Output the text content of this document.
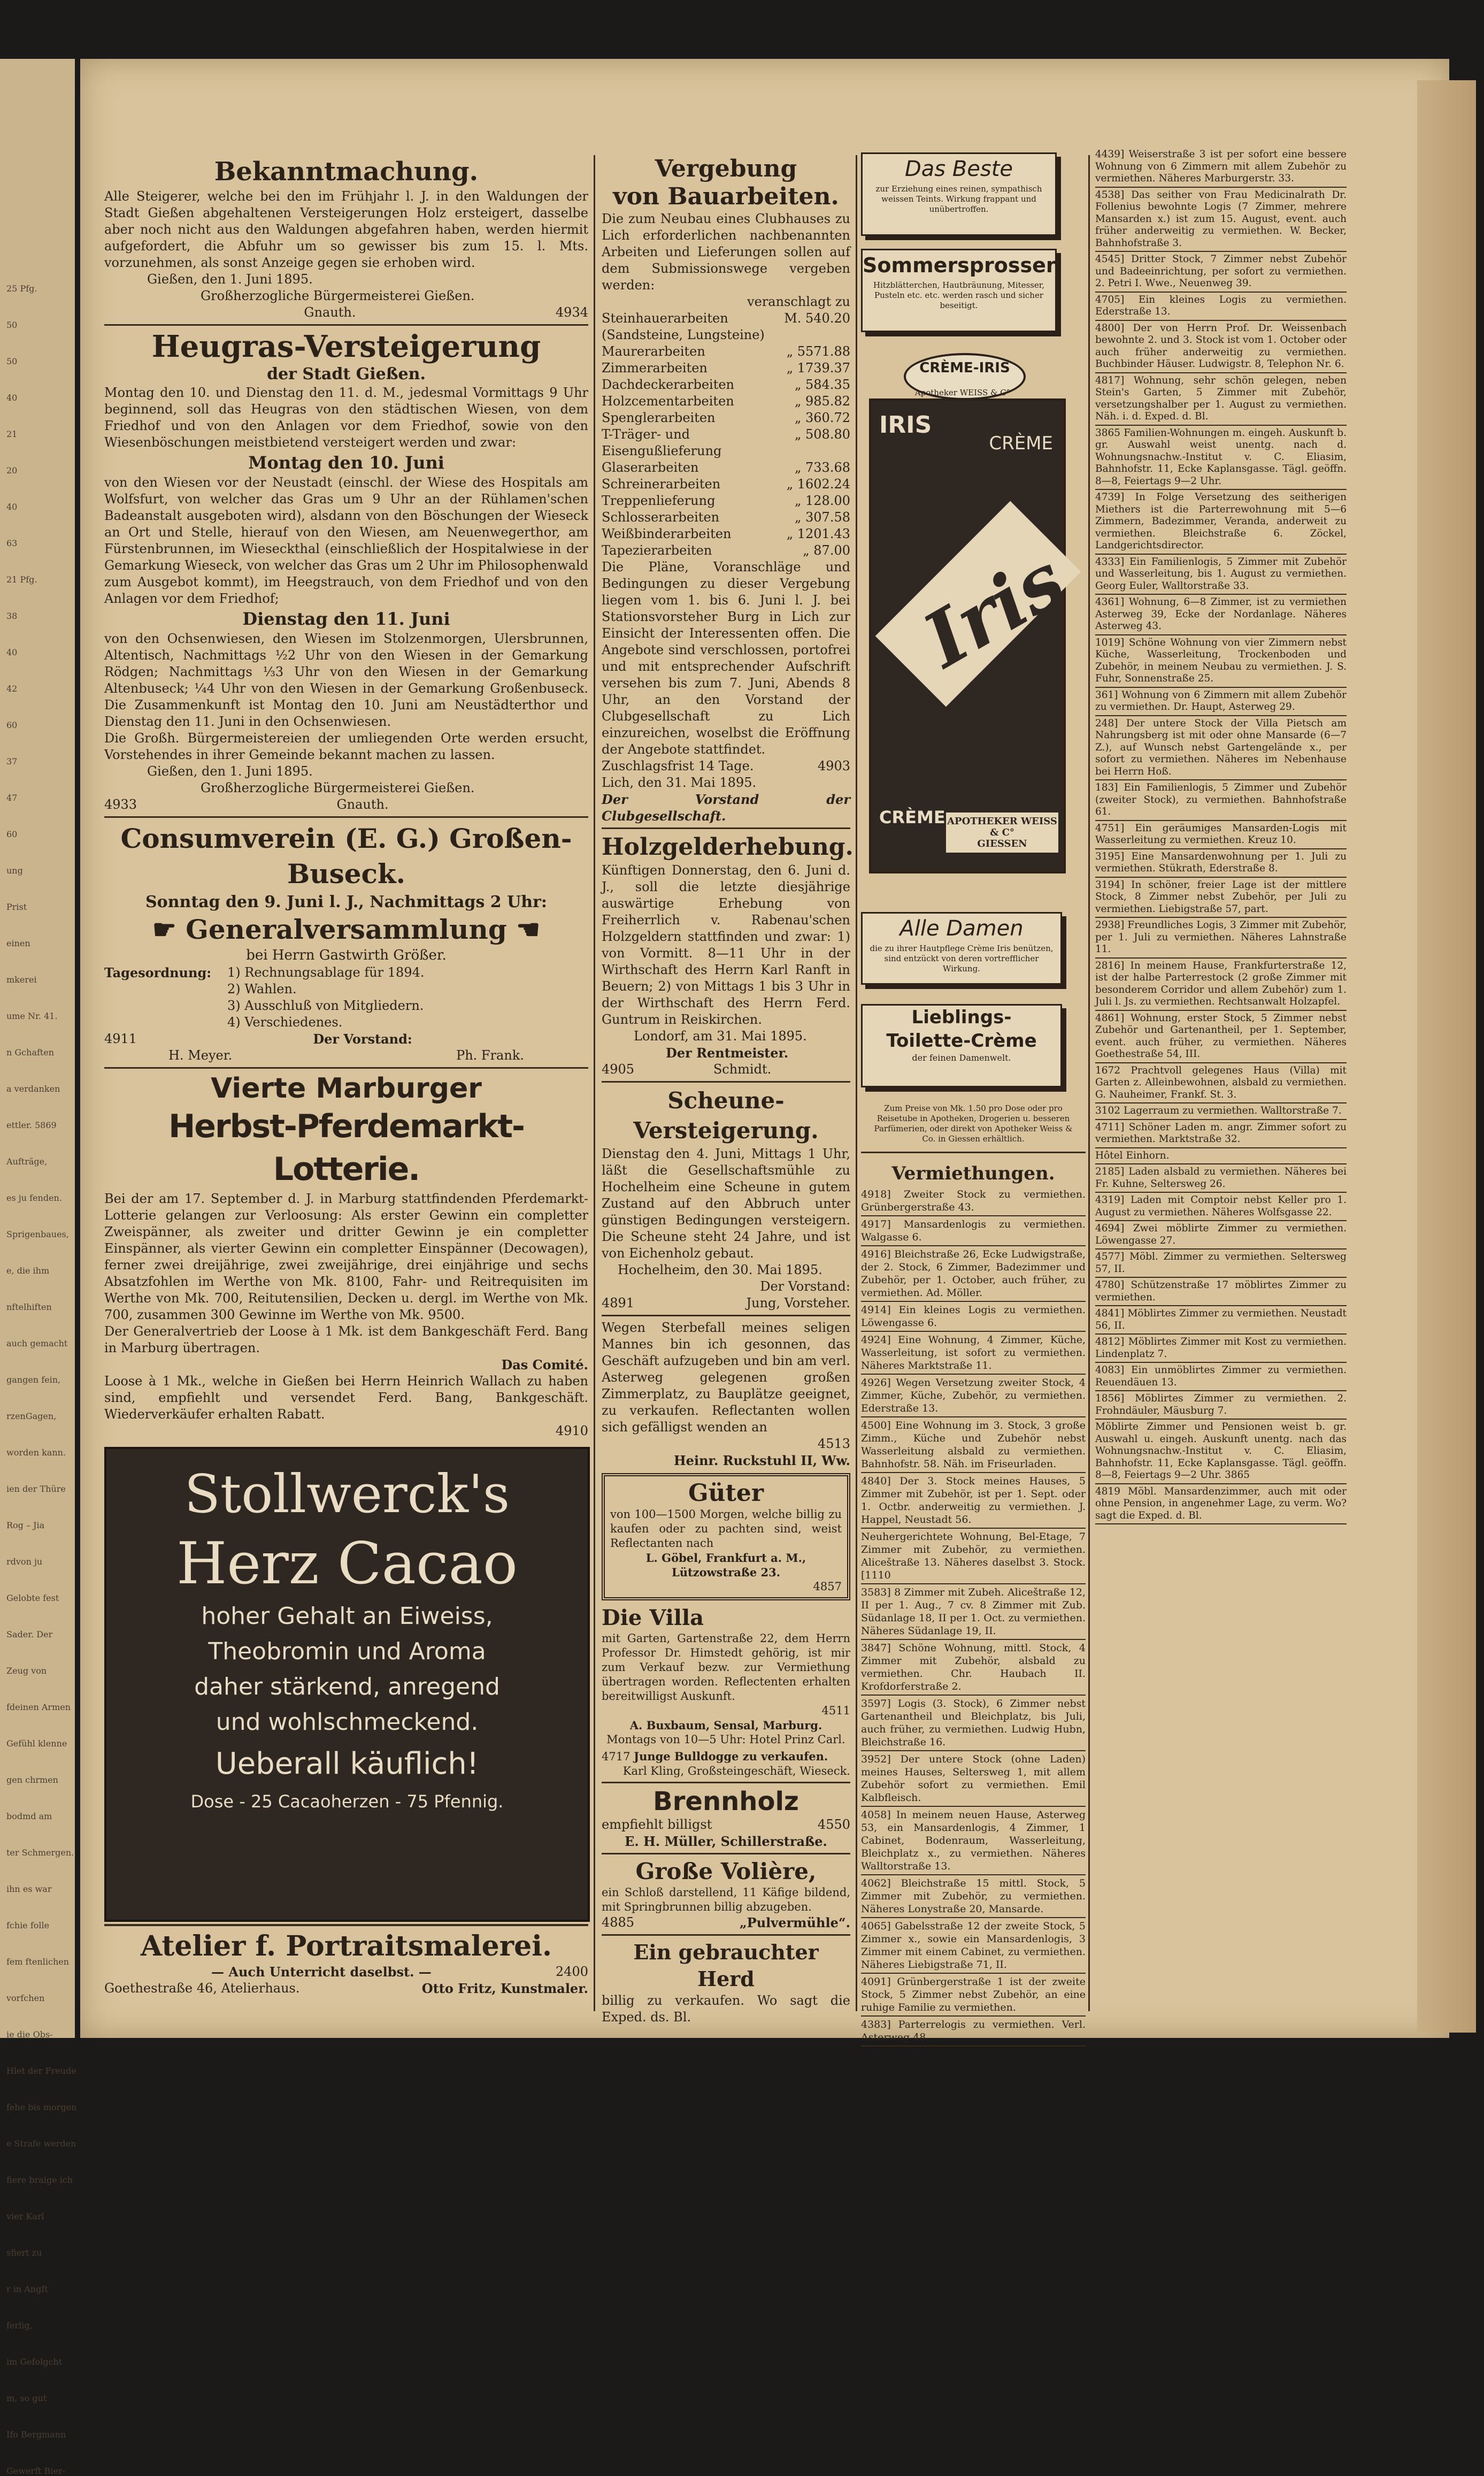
25 Pfg.
50
50
40
21
20
40
63
21 Pfg.
38
40
42
60
37
47
60
ung
Prist
einen
mkerei
ume Nr. 41.
n Gchaften
a verdanken
ettler. 5869
Aufträge,
es ju fenden.
Sprigenbaues,
e, die ihm
nftelhiften
auch gemacht
gangen fein,
rzenGagen,
worden kann.
ien der Thüre
Rog – Jia
rdvon ju
Gelobte fest
Sader. Der
Zeug von
fdeinen Armen
Gefühl klenne
gen chrmen
bodmd am
ter Schmergen.
ihn es war
fchie folle
fem ftenlichen
vorfchen
ie die Obs-
Hlet der Freude
fehe bis morgen
e Strafe werden
fiere braige ich
vier Karl
sfiert zu
r in Angft
ferlig,
im Gefolgcht
m, so gut
Ifo Bergmann
Gewerft Bier-
Bekanntmachung.

Alle Steigerer, welche bei den im Frühjahr l. J. in den Waldungen der Stadt Gießen abgehaltenen Versteigerungen Holz ersteigert, dasselbe aber noch nicht aus den Waldungen abgefahren haben, werden hiermit aufgefordert, die Abfuhr um so gewisser bis zum 15. l. Mts. vorzunehmen, als sonst Anzeige gegen sie erhoben wird.

Gießen, den 1. Juni 1895.
Großherzogliche Bürgermeisterei Gießen.
Gnauth.	4934
Heugras-Versteigerung
der Stadt Gießen.

Montag den 10. und Dienstag den 11. d. M., jedesmal Vormittags 9 Uhr beginnend, soll das Heugras von den städtischen Wiesen, von dem Friedhof und von den Anlagen vor dem Friedhof, sowie von den Wiesenböschungen meistbietend versteigert werden und zwar:

Montag den 10. Juni

von den Wiesen vor der Neustadt (einschl. der Wiese des Hospitals am Wolfsfurt, von welcher das Gras um 9 Uhr an der Rühlamen'schen Badeanstalt ausgeboten wird), alsdann von den Böschungen der Wieseck an Ort und Stelle, hierauf von den Wiesen, am Neuenwegerthor, am Fürstenbrunnen, im Wieseckthal (einschließlich der Hospitalwiese in der Gemarkung Wieseck, von welcher das Gras um 2 Uhr im Philosophenwald zum Ausgebot kommt), im Heegstrauch, von dem Friedhof und von den Anlagen vor dem Friedhof;

Dienstag den 11. Juni

von den Ochsenwiesen, den Wiesen im Stolzenmorgen, Ulersbrunnen, Altentisch, Nachmittags ½2 Uhr von den Wiesen in der Gemarkung Rödgen; Nachmittags ⅓3 Uhr von den Wiesen in der Gemarkung Altenbuseck; ¼4 Uhr von den Wiesen in der Gemarkung Großenbuseck. Die Zusammenkunft ist Montag den 10. Juni am Neustädterthor und Dienstag den 11. Juni in den Ochsenwiesen.

Die Großh. Bürgermeistereien der umliegenden Orte werden ersucht, Vorstehendes in ihrer Gemeinde bekannt machen zu lassen.

Gießen, den 1. Juni 1895.
Großherzogliche Bürgermeisterei Gießen.
4933	Gnauth.
Consumverein (E. G.) Großen-Buseck.
Sonntag den 9. Juni l. J., Nachmittags 2 Uhr:
☛ Generalversammlung ☚
bei Herrn Gastwirth Größer.
Tagesordnung:	1) Rechnungsablage für 1894.
2) Wahlen.
3) Ausschluß von Mitgliedern.
4) Verschiedenes.
4911	Der Vorstand:
H. Meyer.	Ph. Frank.
Vierte Marburger
Herbst-Pferdemarkt-Lotterie.

Bei der am 17. September d. J. in Marburg stattfindenden Pferdemarkt-Lotterie gelangen zur Verloosung: Als erster Gewinn ein completter Zweispänner, als zweiter und dritter Gewinn je ein completter Einspänner, als vierter Gewinn ein completter Einspänner (Decowagen), ferner zwei dreijährige, zwei zweijährige, drei einjährige und sechs Absatzfohlen im Werthe von Mk. 8100, Fahr- und Reitrequisiten im Werthe von Mk. 700, Reitutensilien, Decken u. dergl. im Werthe von Mk. 700, zusammen 300 Gewinne im Werthe von Mk. 9500.

Der Generalvertrieb der Loose à 1 Mk. ist dem Bankgeschäft Ferd. Bang in Marburg übertragen.

Das Comité.

Loose à 1 Mk., welche in Gießen bei Herrn Heinrich Wallach zu haben sind, empfiehlt und versendet Ferd. Bang, Bankgeschäft. Wiederverkäufer erhalten Rabatt.

4910
Stollwerck's
Herz Cacao
hoher Gehalt an Eiweiss,
Theobromin und Aroma
daher stärkend, anregend
und wohlschmeckend.
Ueberall käuflich!
Dose - 25 Cacaoherzen - 75 Pfennig.
Atelier f. Portraitsmalerei.
— Auch Unterricht daselbst. —	2400
Goethestraße 46, Atelierhaus.	Otto Fritz, Kunstmaler.
Vergebung
von Bauarbeiten.

Die zum Neubau eines Clubhauses zu Lich erforderlichen nachbenannten Arbeiten und Lieferungen sollen auf dem Submissionswege vergeben werden:

veranschlagt zu
Steinhauerarbeiten (Sandsteine, Lungsteine)
M. 540.20
Maurerarbeiten	„ 5571.88
Zimmerarbeiten	„ 1739.37
Dachdeckerarbeiten	„ 584.35
Holzcementarbeiten	„ 985.82
Spenglerarbeiten	„ 360.72
T-Träger- und Eisengußlieferung
„ 508.80
Glaserarbeiten	„ 733.68
Schreinerarbeiten	„ 1602.24
Treppenlieferung	„ 128.00
Schlosserarbeiten	„ 307.58
Weißbinderarbeiten	„ 1201.43
Tapezierarbeiten	„ 87.00

Die Pläne, Voranschläge und Bedingungen zu dieser Vergebung liegen vom 1. bis 6. Juni l. J. bei Stationsvorsteher Burg in Lich zur Einsicht der Interessenten offen. Die Angebote sind verschlossen, portofrei und mit entsprechender Aufschrift versehen bis zum 7. Juni, Abends 8 Uhr, an den Vorstand der Clubgesellschaft zu Lich einzureichen, woselbst die Eröffnung der Angebote stattfindet.

Zuschlagsfrist 14 Tage.	4903
Lich, den 31. Mai 1895.
Der Vorstand der Clubgesellschaft.
Holzgelderhebung.

Künftigen Donnerstag, den 6. Juni d. J., soll die letzte diesjährige auswärtige Erhebung von Freiherrlich v. Rabenau'schen Holzgeldern stattfinden und zwar: 1) von Vormitt. 8—11 Uhr in der Wirthschaft des Herrn Karl Ranft in Beuern; 2) von Mittags 1 bis 3 Uhr in der Wirthschaft des Herrn Ferd. Guntrum in Reiskirchen.

Londorf, am 31. Mai 1895.
Der Rentmeister.
4905	Schmidt.
Scheune-Versteigerung.

Dienstag den 4. Juni, Mittags 1 Uhr, läßt die Gesellschaftsmühle zu Hochelheim eine Scheune in gutem Zustand auf den Abbruch unter günstigen Bedingungen versteigern. Die Scheune steht 24 Jahre, und ist von Eichenholz gebaut.

Hochelheim, den 30. Mai 1895.
Der Vorstand:
4891	Jung, Vorsteher.

Wegen Sterbefall meines seligen Mannes bin ich gesonnen, das Geschäft aufzugeben und bin am verl. Asterweg gelegenen großen Zimmerplatz, zu Bauplätze geeignet, zu verkaufen. Reflectanten wollen sich gefälligst wenden an

4513
Heinr. Ruckstuhl II, Ww.
Güter

von 100—1500 Morgen, welche billig zu kaufen oder zu pachten sind, weist Reflectanten nach

L. Göbel, Frankfurt a. M., Lützowstraße 23.
4857
Die Villa

mit Garten, Gartenstraße 22, dem Herrn Professor Dr. Himstedt gehörig, ist mir zum Verkauf bezw. zur Vermiethung übertragen worden. Reflectenten erhalten bereitwilligst Auskunft.

4511
A. Buxbaum, Sensal, Marburg.
Montags von 10—5 Uhr: Hotel Prinz Carl.
4717 Junge Bulldogge zu verkaufen.
Karl Kling, Großsteingeschäft, Wieseck.
Brennholz
empfiehlt billigst	4550
E. H. Müller, Schillerstraße.
Große Volière,

ein Schloß darstellend, 11 Käfige bildend, mit Springbrunnen billig abzugeben.

4885	„Pulvermühle“.
Ein gebrauchter Herd

billig zu verkaufen. Wo sagt die Exped. ds. Bl.

Das Beste
zur Erziehung eines reinen, sympathisch weissen Teints. Wirkung frappant und unübertroffen.
Sommersprossen
Hitzblätterchen, Hautbräunung, Mitesser, Pusteln etc. etc. werden rasch und sicher beseitigt.
CRÈME-IRIS
Apotheker WEISS & C°
IRIS
CRÈME
Iris
CRÈME APOTHEKER WEISS & C°
GIESSEN
Alle Damen
die zu ihrer Hautpflege Crème Iris benützen, sind entzückt von deren vortrefflicher Wirkung.
Lieblings-
Toilette-Crème
der feinen Damenwelt.
Zum Preise von Mk. 1.50 pro Dose oder pro Reisetube in Apotheken, Drogerien u. besseren Parfümerien, oder direkt von Apotheker Weiss & Co. in Giessen erhältlich.
Vermiethungen.
4918] Zweiter Stock zu vermiethen. Grünbergerstraße 43.
4917] Mansardenlogis zu vermiethen. Walgasse 6.
4916] Bleichstraße 26, Ecke Ludwigstraße, der 2. Stock, 6 Zimmer, Badezimmer und Zubehör, per 1. October, auch früher, zu vermiethen. Ad. Möller.
4914] Ein kleines Logis zu vermiethen. Löwengasse 6.
4924] Eine Wohnung, 4 Zimmer, Küche, Wasserleitung, ist sofort zu vermiethen. Näheres Marktstraße 11.
4926] Wegen Versetzung zweiter Stock, 4 Zimmer, Küche, Zubehör, zu vermiethen. Ederstraße 13.
4500] Eine Wohnung im 3. Stock, 3 große Zimm., Küche und Zubehör nebst Wasserleitung alsbald zu vermiethen. Bahnhofstr. 58. Näh. im Friseurladen.
4840] Der 3. Stock meines Hauses, 5 Zimmer mit Zubehör, ist per 1. Sept. oder 1. Octbr. anderweitig zu vermiethen. J. Happel, Neustadt 56.
Neuhergerichtete Wohnung, Bel-Etage, 7 Zimmer mit Zubehör, zu vermiethen. Aliceštraße 13. Näheres daselbst 3. Stock. [1110
3583] 8 Zimmer mit Zubeh. Aliceštraße 12, II per 1. Aug., 7 cv. 8 Zimmer mit Zub. Südanlage 18, II per 1. Oct. zu vermiethen. Näheres Südanlage 19, II.
3847] Schöne Wohnung, mittl. Stock, 4 Zimmer mit Zubehör, alsbald zu vermiethen. Chr. Haubach II. Krofdorferstraße 2.
3597] Logis (3. Stock), 6 Zimmer nebst Gartenantheil und Bleichplatz, bis Juli, auch früher, zu vermiethen. Ludwig Hubn, Bleichstraße 16.
3952] Der untere Stock (ohne Laden) meines Hauses, Seltersweg 1, mit allem Zubehör sofort zu vermiethen. Emil Kalbfleisch.
4058] In meinem neuen Hause, Asterweg 53, ein Mansardenlogis, 4 Zimmer, 1 Cabinet, Bodenraum, Wasserleitung, Bleichplatz x., zu vermiethen. Näheres Walltorstraße 13.
4062] Bleichstraße 15 mittl. Stock, 5 Zimmer mit Zubehör, zu vermiethen. Näheres Lonystraße 20, Mansarde.
4065] Gabelsstraße 12 der zweite Stock, 5 Zimmer x., sowie ein Mansardenlogis, 3 Zimmer mit einem Cabinet, zu vermiethen. Näheres Liebigstraße 71, II.
4091] Grünbergerstraße 1 ist der zweite Stock, 5 Zimmer nebst Zubehör, an eine ruhige Familie zu vermiethen.
4383] Parterrelogis zu vermiethen. Verl. Asterweg 48.
4439] Weiserstraße 3 ist per sofort eine bessere Wohnung von 6 Zimmern mit allem Zubehör zu vermiethen. Näheres Marburgerstr. 33.
4538] Das seither von Frau Medicinalrath Dr. Follenius bewohnte Logis (7 Zimmer, mehrere Mansarden x.) ist zum 15. August, event. auch früher anderweitig zu vermiethen. W. Becker, Bahnhofstraße 3.
4545] Dritter Stock, 7 Zimmer nebst Zubehör und Badeeinrichtung, per sofort zu vermiethen. 2. Petri I. Wwe., Neuenweg 39.
4705] Ein kleines Logis zu vermiethen. Ederstraße 13.
4800] Der von Herrn Prof. Dr. Weissenbach bewohnte 2. und 3. Stock ist vom 1. October oder auch früher anderweitig zu vermiethen. Buchbinder Häuser. Ludwigstr. 8, Telephon Nr. 6.
4817] Wohnung, sehr schön gelegen, neben Stein's Garten, 5 Zimmer mit Zubehör, versetzungshalber per 1. August zu vermiethen. Näh. i. d. Exped. d. Bl.
3865 Familien-Wohnungen m. eingeh. Auskunft b. gr. Auswahl weist unentg. nach d. Wohnungsnachw.-Institut v. C. Eliasim, Bahnhofstr. 11, Ecke Kaplansgasse. Tägl. geöffn. 8—8, Feiertags 9—2 Uhr.
4739] In Folge Versetzung des seitherigen Miethers ist die Parterrewohnung mit 5—6 Zimmern, Badezimmer, Veranda, anderweit zu vermiethen. Bleichstraße 6. Zöckel, Landgerichtsdirector.
4333] Ein Familienlogis, 5 Zimmer mit Zubehör und Wasserleitung, bis 1. August zu vermiethen. Georg Euler, Walltorstraße 33.
4361] Wohnung, 6—8 Zimmer, ist zu vermiethen Asterweg 39, Ecke der Nordanlage. Näheres Asterweg 43.
1019] Schöne Wohnung von vier Zimmern nebst Küche, Wasserleitung, Trockenboden und Zubehör, in meinem Neubau zu vermiethen. J. S. Fuhr, Sonnenstraße 25.
361] Wohnung von 6 Zimmern mit allem Zubehör zu vermiethen. Dr. Haupt, Asterweg 29.
248] Der untere Stock der Villa Pietsch am Nahrungsberg ist mit oder ohne Mansarde (6—7 Z.), auf Wunsch nebst Gartengelände x., per sofort zu vermiethen. Näheres im Nebenhause bei Herrn Hoß.
183] Ein Familienlogis, 5 Zimmer und Zubehör (zweiter Stock), zu vermiethen. Bahnhofstraße 61.
4751] Ein geräumiges Mansarden-Logis mit Wasserleitung zu vermiethen. Kreuz 10.
3195] Eine Mansardenwohnung per 1. Juli zu vermiethen. Stükrath, Ederstraße 8.
3194] In schöner, freier Lage ist der mittlere Stock, 8 Zimmer nebst Zubehör, per Juli zu vermiethen. Liebigstraße 57, part.
2938] Freundliches Logis, 3 Zimmer mit Zubehör, per 1. Juli zu vermiethen. Näheres Lahnstraße 11.
2816] In meinem Hause, Frankfurterstraße 12, ist der halbe Parterrestock (2 große Zimmer mit besonderem Corridor und allem Zubehör) zum 1. Juli l. Js. zu vermiethen. Rechtsanwalt Holzapfel.
4861] Wohnung, erster Stock, 5 Zimmer nebst Zubehör und Gartenantheil, per 1. September, event. auch früher, zu vermiethen. Näheres Goethestraße 54, III.
1672 Prachtvoll gelegenes Haus (Villa) mit Garten z. Alleinbewohnen, alsbald zu vermiethen. G. Nauheimer, Frankf. St. 3.
3102 Lagerraum zu vermiethen. Walltorstraße 7.
4711] Schöner Laden m. angr. Zimmer sofort zu vermiethen. Marktstraße 32.
Hôtel Einhorn.
2185] Laden alsbald zu vermiethen. Näheres bei Fr. Kuhne, Seltersweg 26.
4319] Laden mit Comptoir nebst Keller pro 1. August zu vermiethen. Näheres Wolfsgasse 22.
4694] Zwei möblirte Zimmer zu vermiethen. Löwengasse 27.
4577] Möbl. Zimmer zu vermiethen. Seltersweg 57, II.
4780] Schützenstraße 17 möblirtes Zimmer zu vermiethen.
4841] Möblirtes Zimmer zu vermiethen. Neustadt 56, II.
4812] Möblirtes Zimmer mit Kost zu vermiethen. Lindenplatz 7.
4083] Ein unmöblirtes Zimmer zu vermiethen. Reuendäuen 13.
1856] Möblirtes Zimmer zu vermiethen. 2. Frohndäuler, Mäusburg 7.
Möblirte Zimmer und Pensionen weist b. gr. Auswahl u. eingeh. Auskunft unentg. nach das Wohnungsnachw.-Institut v. C. Eliasim, Bahnhofstr. 11, Ecke Kaplansgasse. Tägl. geöffn. 8—8, Feiertags 9—2 Uhr. 3865
4819 Möbl. Mansardenzimmer, auch mit oder ohne Pension, in angenehmer Lage, zu verm. Wo? sagt die Exped. d. Bl.
